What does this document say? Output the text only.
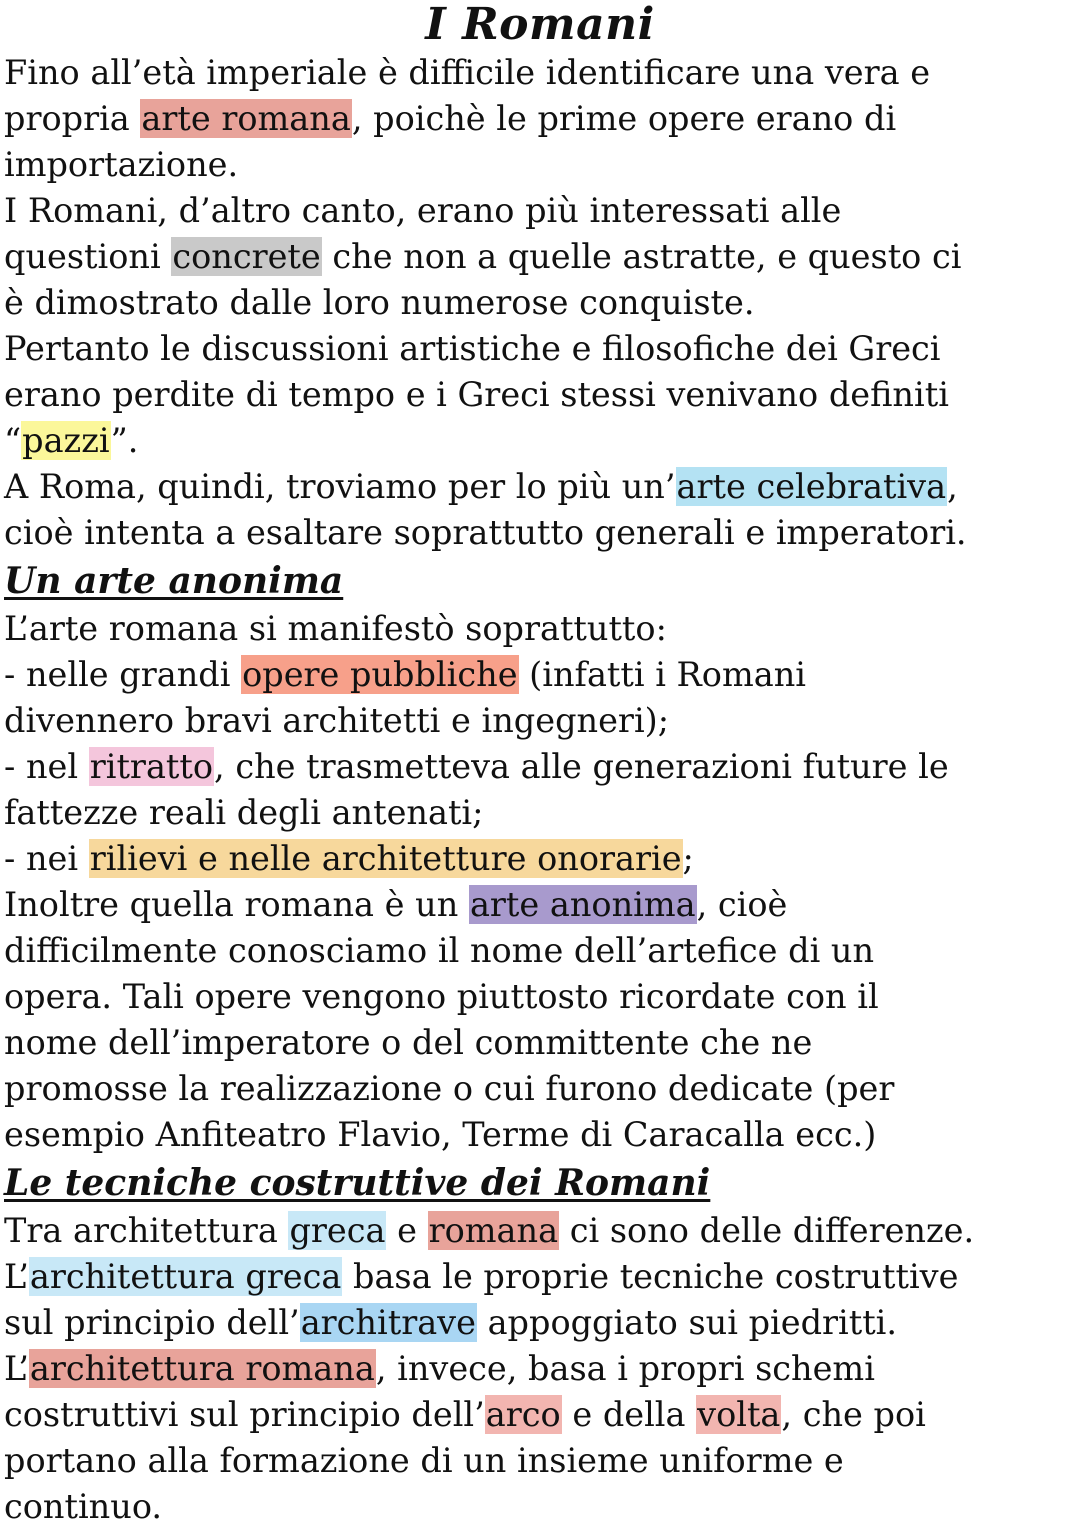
I Romani
Fino all’età imperiale è difficile identificare una vera e
propria arte romana, poichè le prime opere erano di
importazione.
I Romani, d’altro canto, erano più interessati alle
questioni concrete che non a quelle astratte, e questo ci
è dimostrato dalle loro numerose conquiste.
Pertanto le discussioni artistiche e filosofiche dei Greci
erano perdite di tempo e i Greci stessi venivano definiti
“pazzi”.
A Roma, quindi, troviamo per lo più un’arte celebrativa,
cioè intenta a esaltare soprattutto generali e imperatori.
Un arte anonima
L’arte romana si manifestò soprattutto:
- nelle grandi opere pubbliche (infatti i Romani
divennero bravi architetti e ingegneri);
- nel ritratto, che trasmetteva alle generazioni future le
fattezze reali degli antenati;
- nei rilievi e nelle architetture onorarie;
Inoltre quella romana è un arte anonima, cioè
difficilmente conosciamo il nome dell’artefice di un
opera. Tali opere vengono piuttosto ricordate con il
nome dell’imperatore o del committente che ne
promosse la realizzazione o cui furono dedicate (per
esempio Anfiteatro Flavio, Terme di Caracalla ecc.)
Le tecniche costruttive dei Romani
Tra architettura greca e romana ci sono delle differenze.
L’architettura greca basa le proprie tecniche costruttive
sul principio dell’architrave appoggiato sui piedritti.
L’architettura romana, invece, basa i propri schemi
costruttivi sul principio dell’arco e della volta, che poi
portano alla formazione di un insieme uniforme e
continuo.
